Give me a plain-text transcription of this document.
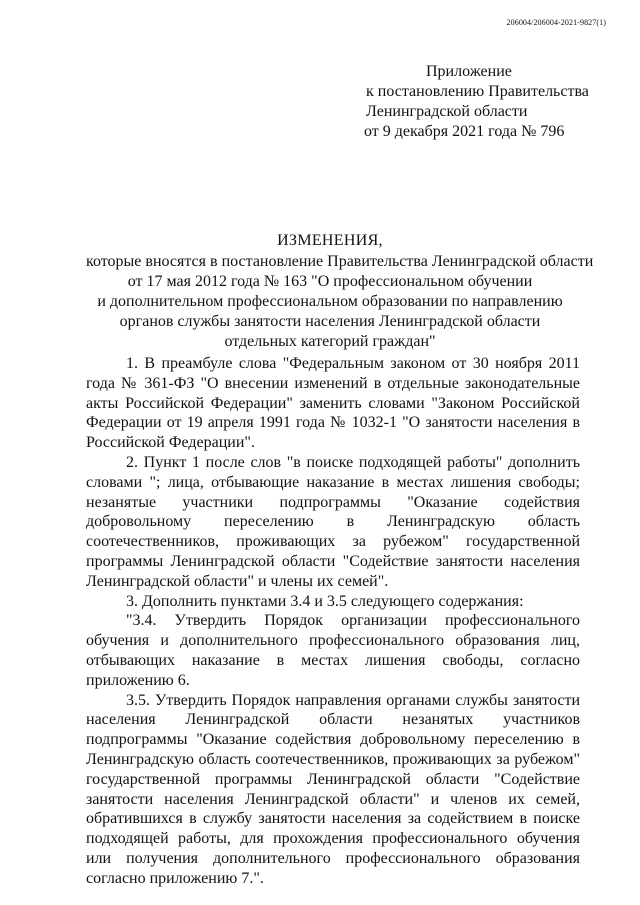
206004/206004-2021-9827(1)
Приложение
к постановлению Правительства
Ленинградской области
от 9 декабря 2021 года № 796
ИЗМЕНЕНИЯ,
которые вносятся в постановление Правительства Ленинградской области
от 17 мая 2012 года № 163 "О профессиональном обучении
и дополнительном профессиональном образовании по направлению
органов службы занятости населения Ленинградской области
отдельных категорий граждан"

1. В преамбуле слова "Федеральным законом от 30 ноября 2011 года № 361-ФЗ "О внесении изменений в отдельные законодательные акты Российской Федерации" заменить словами "Законом Российской Федерации от 19 апреля 1991 года № 1032-1 "О занятости населения в Российской Федерации".

2. Пункт 1 после слов "в поиске подходящей работы" дополнить словами "; лица, отбывающие наказание в местах лишения свободы; незанятые участники подпрограммы "Оказание содействия добровольному переселению в Ленинградскую область соотечественников, проживающих за рубежом" государственной программы Ленинградской области "Содействие занятости населения Ленинградской области" и члены их семей".

3. Дополнить пунктами 3.4 и 3.5 следующего содержания:

"3.4. Утвердить Порядок организации профессионального обучения и дополнительного профессионального образования лиц, отбывающих наказание в местах лишения свободы, согласно приложению 6.

3.5. Утвердить Порядок направления органами службы занятости населения Ленинградской области незанятых участников подпрограммы "Оказание содействия добровольному переселению в Ленинградскую область соотечественников, проживающих за рубежом" государственной программы Ленинградской области "Содействие занятости населения Ленинградской области" и членов их семей, обратившихся в службу занятости населения за содействием в поиске подходящей работы, для прохождения профессионального обучения или получения дополнительного профессионального образования согласно приложению 7.".
